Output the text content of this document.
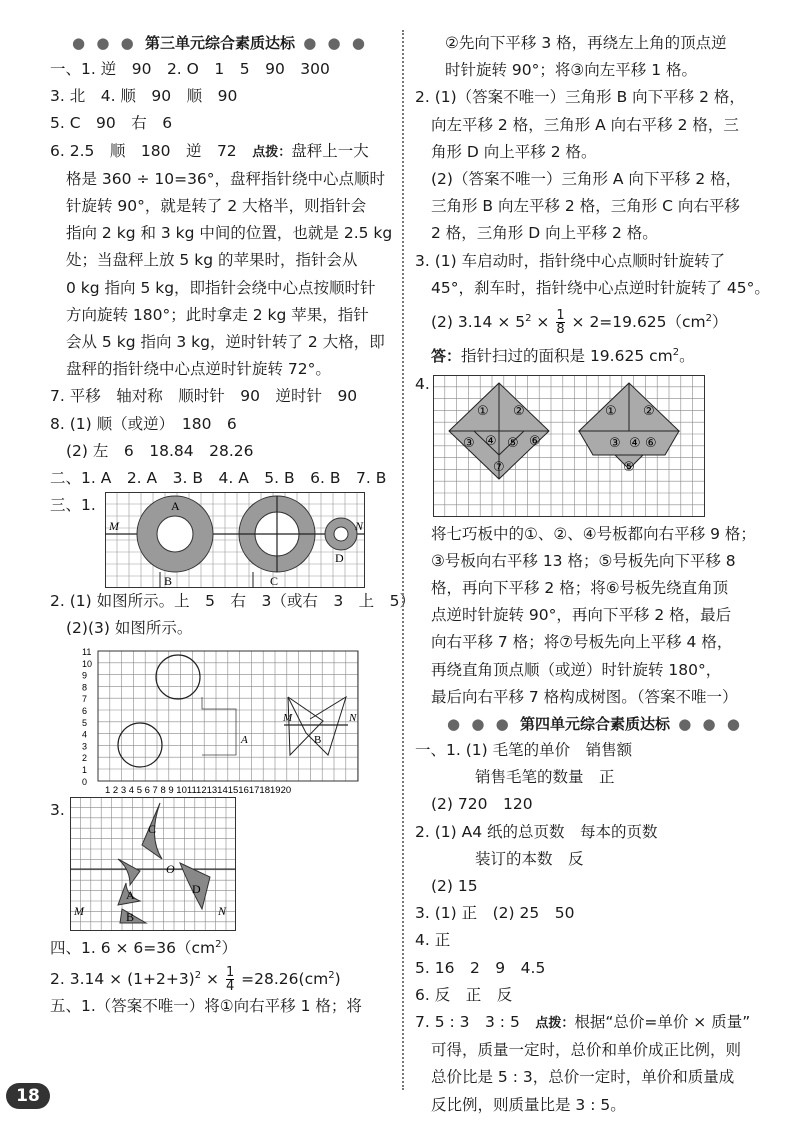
● ● ● 第三单元综合素质达标 ● ● ●
一、1. 逆　90　2. O　1　5　90　300
3. 北　4. 顺　90　顺　90
5. C　90　右　6
6. 2.5　顺　180　逆　72　 点拨：盘秤上一大
格是 360 ÷ 10=36°，盘秤指针绕中心点顺时
针旋转 90°，就是转了 2 大格半，则指针会
指向 2 kg 和 3 kg 中间的位置，也就是 2.5 kg
处；当盘秤上放 5 kg 的苹果时，指针会从
0 kg 指向 5 kg，即指针会绕中心点按顺时针
方向旋转 180°；此时拿走 2 kg 苹果，指针
会从 5 kg 指向 3 kg，逆时针转了 2 大格，即
盘秤的指针绕中心点逆时针旋转 72°。
7. 平移　轴对称　顺时针　90　逆时针　90
8. (1) 顺（或逆）　180　6
(2) 左　6　18.84　28.26
二、1. A　2. A　3. B　4. A　5. B　6. B　7. B
三、1.	A
B	C
D
M	N
2. (1) 如图所示。上　5　右　3（或右　3　上　5）
(2)(3) 如图所示。
11
10
9
8
7
6
5
4
3
2
1
0
M	N
A	B
1 2 3 4 5 6 7 8 9 1011121314151617181920
3.
C
O
A	D
B
M	N
四、1. $6 \times 6=36(cm^2)$
2. $3.14 \times (1+2+3)^2 \times \frac{1}{4} =28.26(cm^2)$
五、1.（答案不唯一）将①向右平移 1 格；将
②先向下平移 3 格，再绕左上角的顶点逆
时针旋转 90°；将③向左平移 1 格。
2. (1)（答案不唯一）三角形 B 向下平移 2 格，
向左平移 2 格，三角形 A 向右平移 2 格，三
角形 D 向上平移 2 格。
(2)（答案不唯一）三角形 A 向下平移 2 格，
三角形 B 向左平移 2 格，三角形 C 向右平移
2 格，三角形 D 向上平移 2 格。
3. (1) 车启动时，指针绕中心点顺时针旋转了
45°，刹车时，指针绕中心点逆时针旋转了 45°。
(2) $3.14 \times 5^2 \times \frac{1}{8} \times 2=19.625(cm^2)$
答：指针扫过的面积是 19.625 $cm^2$。
4.
① ②
③ ④ ⑤ ⑥
⑦
① ②
③ ④ ⑥
⑤
将七巧板中的①、②、④号板都向右平移 9 格；
③号板向右平移 13 格；⑤号板先向下平移 8
格，再向下平移 2 格；将⑥号板先绕直角顶
点逆时针旋转 90°，再向下平移 2 格，最后
向右平移 7 格；将⑦号板先向上平移 4 格，
再绕直角顶点顺（或逆）时针旋转 180°，
最后向右平移 7 格构成树图。（答案不唯一）
● ● ● 第四单元综合素质达标 ● ● ●
一、1. (1) 毛笔的单价　销售额
销售毛笔的数量　正
(2) 720　120
2. (1) A4 纸的总页数　每本的页数
装订的本数　反
(2) 15
3. (1) 正　(2) 25　50
4. 正
5. 16　2　9　4.5
6. 反　正　反
7. 5 : 3　3 : 5　 点拨：根据“总价=单价 × 质量”
可得，质量一定时，总价和单价成正比例，则
总价比是 5 : 3，总价一定时，单价和质量成
反比例，则质量比是 3 : 5。
18
